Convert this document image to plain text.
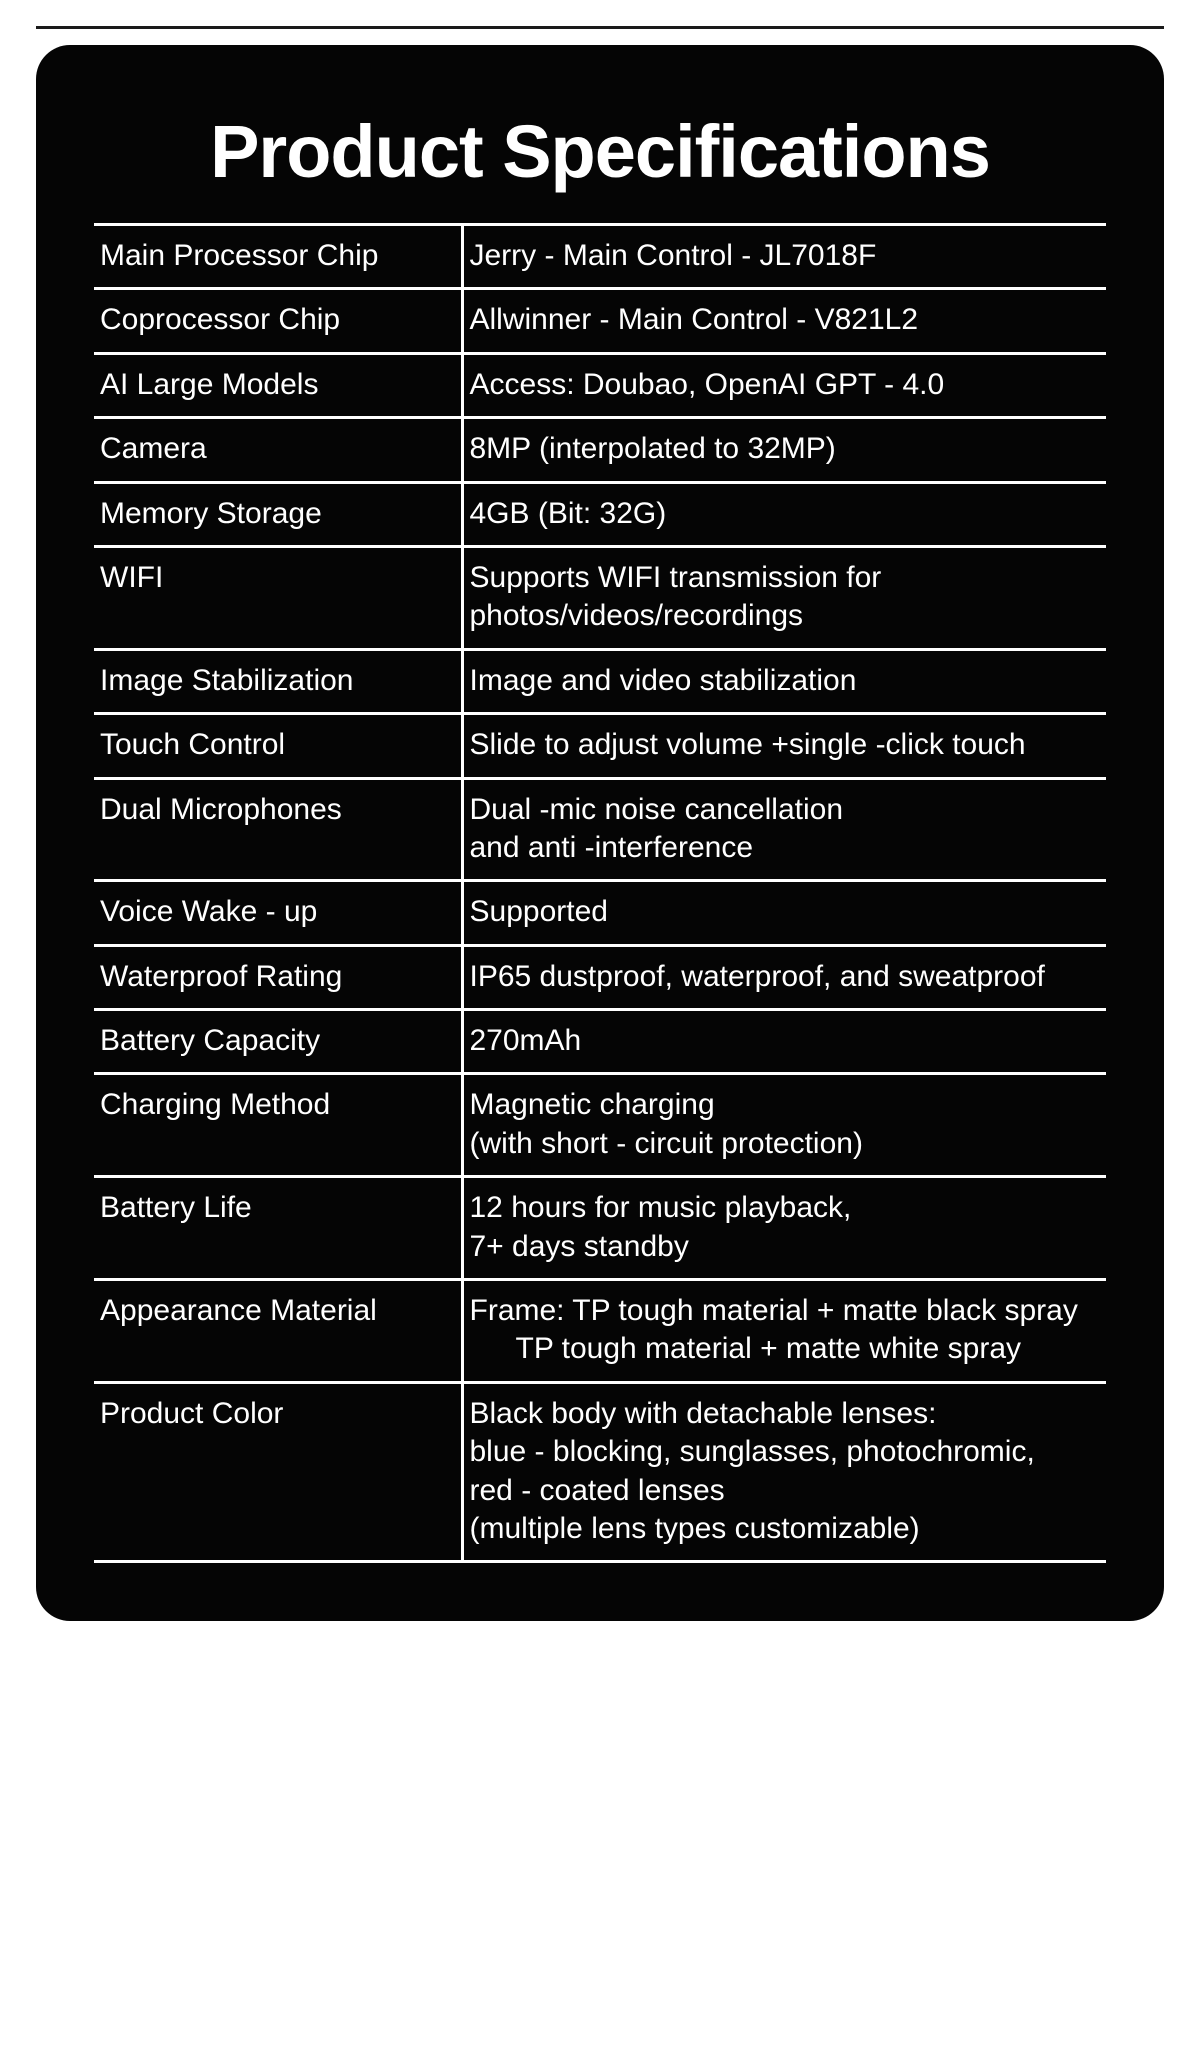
Product Specifications
Main Processor Chip	Jerry - Main Control - JL7018F

Coprocessor Chip	Allwinner - Main Control - V821L2

AI Large Models	Access: Doubao, OpenAI GPT - 4.0

Camera	8MP (interpolated to 32MP)

Memory Storage	4GB (Bit: 32G)

WIFI	Supports WIFI transmission for
photos/videos/recordings

Image Stabilization	Image and video stabilization

Touch Control	Slide to adjust volume +single -click touch

Dual Microphones	Dual -mic noise cancellation
and anti -interference

Voice Wake - up	Supported

Waterproof Rating	IP65 dustproof, waterproof, and sweatproof

Battery Capacity	270mAh

Charging Method	Magnetic charging
(with short - circuit protection)

Battery Life	12 hours for music playback,
7+ days standby

Appearance Material	Frame: TP tough material + matte black spray
TP tough material + matte white spray

Product Color	Black body with detachable lenses:
blue - blocking, sunglasses, photochromic,
red - coated lenses
(multiple lens types customizable)
